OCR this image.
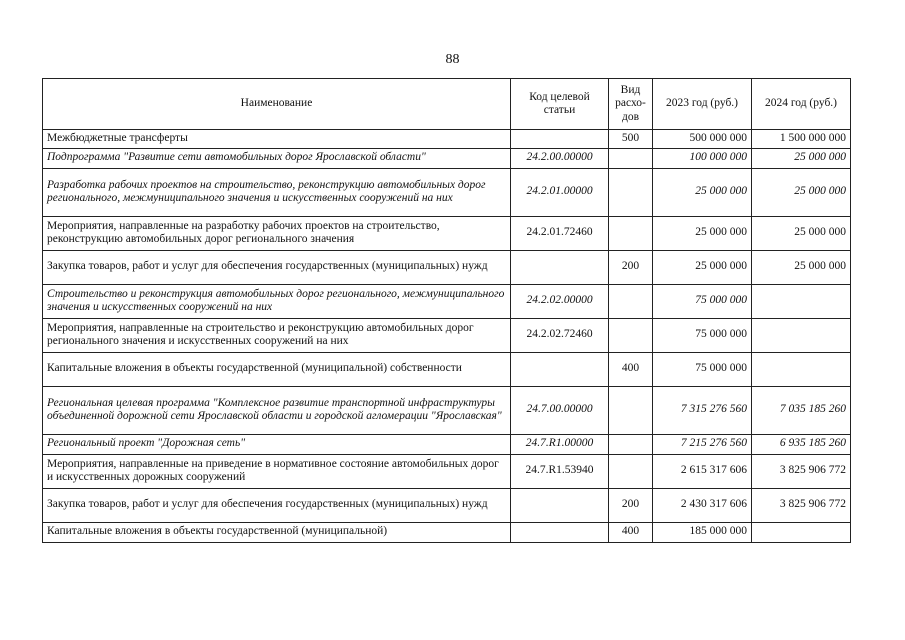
88
Наименование	Код целевой статьи	Вид расхо-дов	2023 год (руб.)	2024 год (руб.)
Межбюджетные трансферты		500	500 000 000	1 500 000 000
Подпрограмма "Развитие сети автомобильных дорог Ярославской области"	24.2.00.00000		100 000 000	25 000 000
Разработка рабочих проектов на строительство, реконструкцию автомобильных дорог регионального, межмуниципального значения и искусственных сооружений на них	24.2.01.00000		25 000 000	25 000 000
Мероприятия, направленные на разработку рабочих проектов на строительство, реконструкцию автомобильных дорог регионального значения	24.2.01.72460		25 000 000	25 000 000
Закупка товаров, работ и услуг для обеспечения государственных (муниципальных) нужд		200	25 000 000	25 000 000
Строительство и реконструкция автомобильных дорог регионального, межмуниципального значения и искусственных сооружений на них	24.2.02.00000		75 000 000	
Мероприятия, направленные на строительство и реконструкцию автомобильных дорог регионального значения и искусственных сооружений на них	24.2.02.72460		75 000 000	
Капитальные вложения в объекты государственной (муниципальной) собственности		400	75 000 000	
Региональная целевая программа "Комплексное развитие транспортной инфраструктуры объединенной дорожной сети Ярославской области и городской агломерации "Ярославская"	24.7.00.00000		7 315 276 560	7 035 185 260
Региональный проект "Дорожная сеть"	24.7.R1.00000		7 215 276 560	6 935 185 260
Мероприятия, направленные на приведение в нормативное состояние автомобильных дорог и искусственных дорожных сооружений	24.7.R1.53940		2 615 317 606	3 825 906 772
Закупка товаров, работ и услуг для обеспечения государственных (муниципальных) нужд		200	2 430 317 606	3 825 906 772
Капитальные вложения в объекты государственной (муниципальной)		400	185 000 000	
